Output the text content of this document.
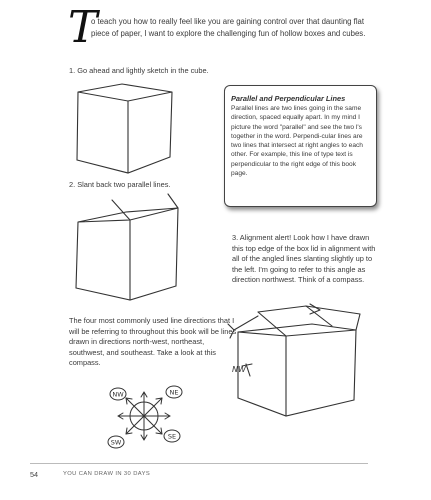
T
o teach you how to really feel like you are gaining control over that daunting flat piece of paper, I want to explore the challenging fun of hollow boxes and cubes.
1. Go ahead and lightly sketch in the cube.
2. Slant back two parallel lines.
3. Alignment alert! Look how I have drawn this top edge of the box lid in alignment with all of the angled lines slanting slightly up to the left. I'm going to refer to this angle as direction northwest. Think of a compass.
Parallel and Perpendicular Lines
Parallel lines are two lines going in the same direction, spaced equally apart. In my mind I picture the word "parallel" and see the two l's together in the word. Perpendi-cular lines are two lines that intersect at right angles to each other. For example, this line of type text is perpendicular to the right edge of this book page.
The four most commonly used line directions that I will be referring to throughout this book will be lines drawn in directions north-west, northeast, southwest, and southeast. Take a look at this compass.
NW	NE
SW
SE
NW
54	YOU CAN DRAW IN 30 DAYS
